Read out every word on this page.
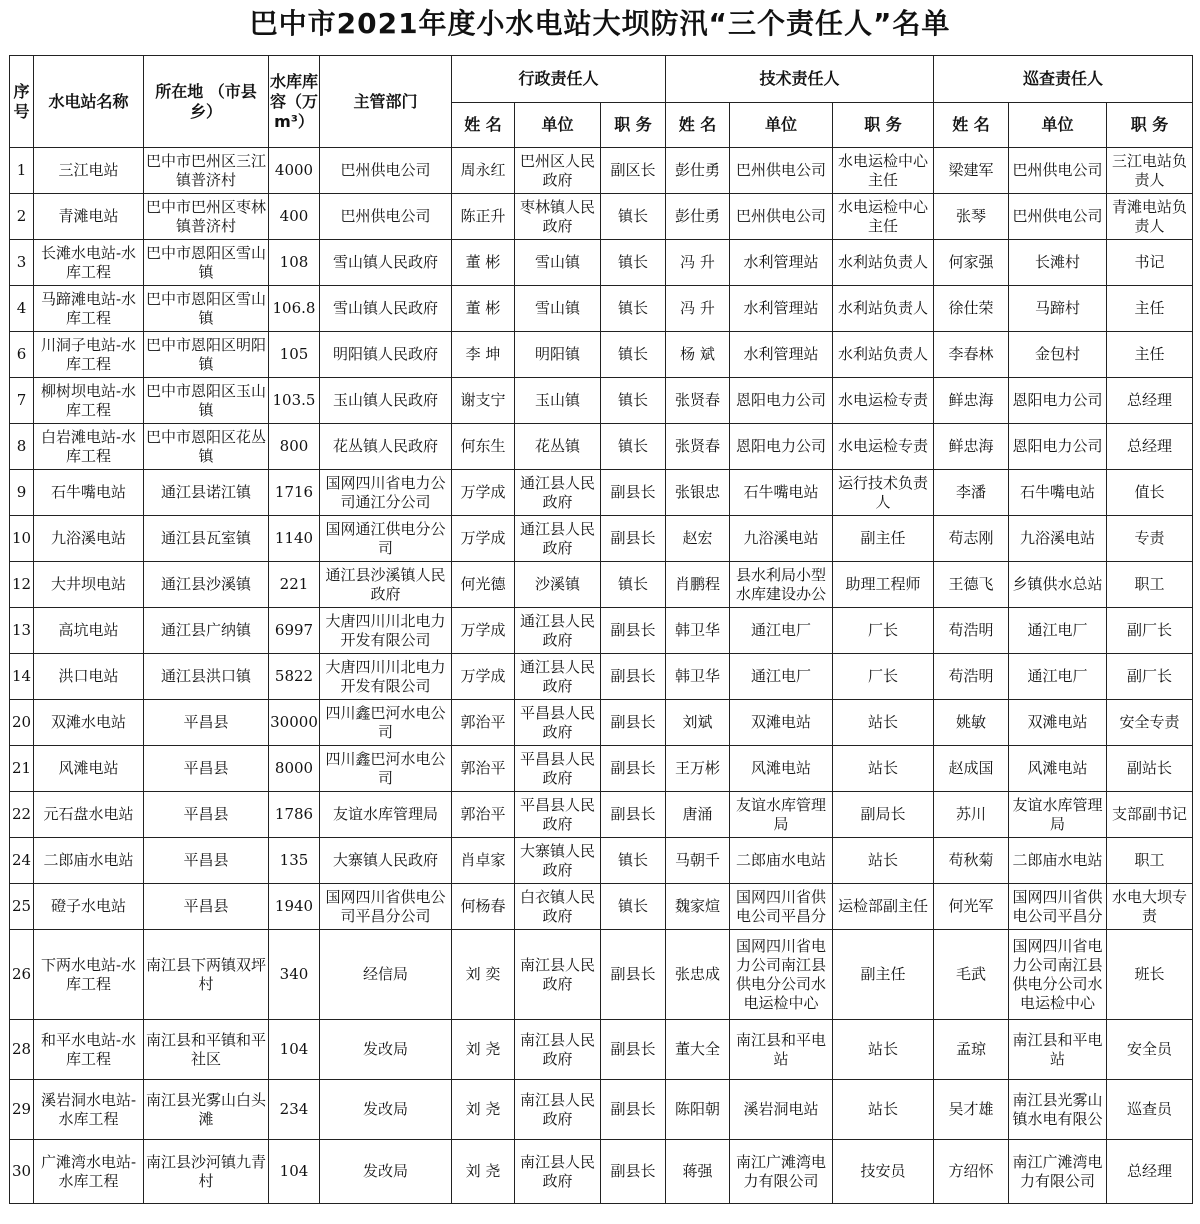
巴中市2021年度小水电站大坝防汛“三个责任人”名单
序号	水电站名称	所在地 （市县乡）	水库库容（万m³）	主管部门	行政责任人			技术责任人			巡查责任人		
					姓 名	单位	职 务	姓 名	单位	职 务	姓 名	单位	职 务

1	三江电站	巴中市巴州区三江镇普济村	4000	巴州供电公司	周永红	巴州区人民政府	副区长	彭仕勇	巴州供电公司	水电运检中心主任	梁建军	巴州供电公司	三江电站负责人

2	青滩电站	巴中市巴州区枣林镇普济村	400	巴州供电公司	陈正升	枣林镇人民政府	镇长	彭仕勇	巴州供电公司	水电运检中心主任	张琴	巴州供电公司	青滩电站负责人

3	长滩水电站-水库工程	巴中市恩阳区雪山镇	108	雪山镇人民政府	董 彬	雪山镇	镇长	冯 升	水利管理站	水利站负责人	何家强	长滩村	书记

4	马蹄滩电站-水库工程	巴中市恩阳区雪山镇	106.8	雪山镇人民政府	董 彬	雪山镇	镇长	冯 升	水利管理站	水利站负责人	徐仕荣	马蹄村	主任

6	川洞子电站-水库工程	巴中市恩阳区明阳镇	105	明阳镇人民政府	李 坤	明阳镇	镇长	杨 斌	水利管理站	水利站负责人	李春林	金包村	主任

7	柳树坝电站-水库工程	巴中市恩阳区玉山镇	103.5	玉山镇人民政府	谢支宁	玉山镇	镇长	张贤春	恩阳电力公司	水电运检专责	鲜忠海	恩阳电力公司	总经理

8	白岩滩电站-水库工程	巴中市恩阳区花丛镇	800	花丛镇人民政府	何东生	花丛镇	镇长	张贤春	恩阳电力公司	水电运检专责	鲜忠海	恩阳电力公司	总经理

9	石牛嘴电站	通江县诺江镇	1716	国网四川省电力公司通江分公司	万学成	通江县人民政府	副县长	张银忠	石牛嘴电站	运行技术负责人	李潘	石牛嘴电站	值长

10	九浴溪电站	通江县瓦室镇	1140	国网通江供电分公司	万学成	通江县人民政府	副县长	赵宏	九浴溪电站	副主任	苟志刚	九浴溪电站	专责

12	大井坝电站	通江县沙溪镇	221	通江县沙溪镇人民政府	何光德	沙溪镇	镇长	肖鹏程	县水利局小型水库建设办公	助理工程师	王德飞	乡镇供水总站	职工

13	高坑电站	通江县广纳镇	6997	大唐四川川北电力开发有限公司	万学成	通江县人民政府	副县长	韩卫华	通江电厂	厂长	苟浩明	通江电厂	副厂长

14	洪口电站	通江县洪口镇	5822	大唐四川川北电力开发有限公司	万学成	通江县人民政府	副县长	韩卫华	通江电厂	厂长	苟浩明	通江电厂	副厂长

20	双滩水电站	平昌县	30000	四川鑫巴河水电公司	郭治平	平昌县人民政府	副县长	刘斌	双滩电站	站长	姚敏	双滩电站	安全专责

21	风滩电站	平昌县	8000	四川鑫巴河水电公司	郭治平	平昌县人民政府	副县长	王万彬	风滩电站	站长	赵成国	风滩电站	副站长

22	元石盘水电站	平昌县	1786	友谊水库管理局	郭治平	平昌县人民政府	副县长	唐涌	友谊水库管理局	副局长	苏川	友谊水库管理局	支部副书记

24	二郎庙水电站	平昌县	135	大寨镇人民政府	肖卓家	大寨镇人民政府	镇长	马朝千	二郎庙水电站	站长	苟秋菊	二郎庙水电站	职工

25	磴子水电站	平昌县	1940	国网四川省供电公司平昌分公司	何杨春	白衣镇人民政府	镇长	魏家煊	国网四川省供电公司平昌分	运检部副主任	何光军	国网四川省供电公司平昌分	水电大坝专责

26	下两水电站-水库工程	南江县下两镇双坪村	340	经信局	刘 奕	南江县人民政府	副县长	张忠成	国网四川省电力公司南江县供电分公司水电运检中心	副主任	毛武	国网四川省电力公司南江县供电分公司水电运检中心	班长

28	和平水电站-水库工程	南江县和平镇和平社区	104	发改局	刘 尧	南江县人民政府	副县长	董大全	南江县和平电站	站长	孟琼	南江县和平电站	安全员

29	溪岩洞水电站-水库工程	南江县光雾山白头滩	234	发改局	刘 尧	南江县人民政府	副县长	陈阳朝	溪岩洞电站	站长	吴才雄	南江县光雾山镇水电有限公	巡查员

30	广滩湾水电站-水库工程	南江县沙河镇九青村	104	发改局	刘 尧	南江县人民政府	副县长	蒋强	南江广滩湾电力有限公司	技安员	方绍怀	南江广滩湾电力有限公司	总经理
